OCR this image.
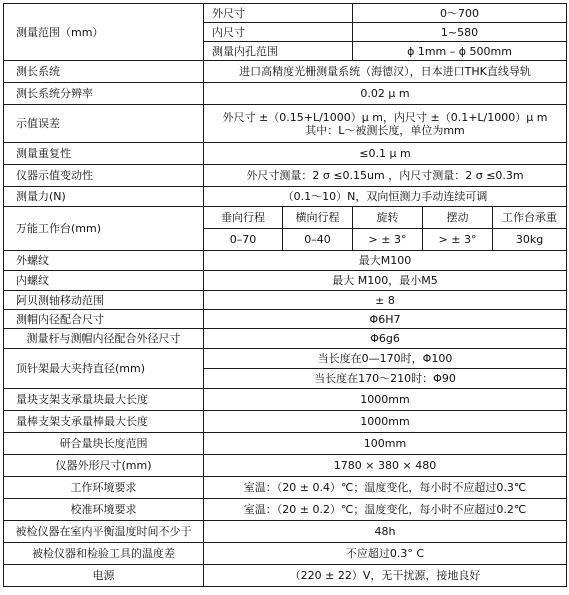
测量范围（mm）	外尺寸		0～700		
	内尺寸		1~580		
	测量内孔范围		ϕ 1mm – ϕ 500mm		
测长系统	进口高精度光栅测量系统（海德汉），日本进口THK直线导轨				
测长系统分辨率	0.02 μ m				
示值误差	外尺寸 ±（0.15+L/1000）μ m，内尺寸 ±（0.1+L/1000）μ m
其中：L～被测长度，单位为mm				

测量重复性	≤0.1 μ m				
仪器示值变动性	外尺寸测量：2 σ ≤0.15um ，内尺寸测量：2 σ ≤0.3m				
测量力(N)	（0.1～10）N，双向恒测力手动连续可调				
万能工作台(mm)	垂向行程	横向行程	旋转	摆动	工作台承重
	0–70	0–40	> ± 3°	> ± 3°	30kg
外螺纹	最大M100				
内螺纹	最大 M100，最小M5				
阿贝测轴移动范围	± 8				
测帽内径配合尺寸	Φ6H7				
测量杆与测帽内径配合外径尺寸	Φ6g6				
顶针架最大夹持直径(mm)	当长度在0—170时，Φ100				
	当长度在170～210时：Φ90				
量块支架支承量块最大长度	1000mm				
量棒支架支承量棒最大长度	1000mm				
研合量块长度范围	100mm				
仪器外形尺寸(mm)	1780 × 380 × 480				
工作环境要求	室温：（20 ± 0.4）℃；温度变化，每小时不应超过0.3℃				
校准环境要求	室温：（20 ± 0.2）℃；温度变化，每小时不应超过0.2℃				
被检仪器在室内平衡温度时间不少于	48h				
被检仪器和检验工具的温度差	不应超过0.3° C				
电源	（220 ± 22）V，无干扰源，接地良好				
